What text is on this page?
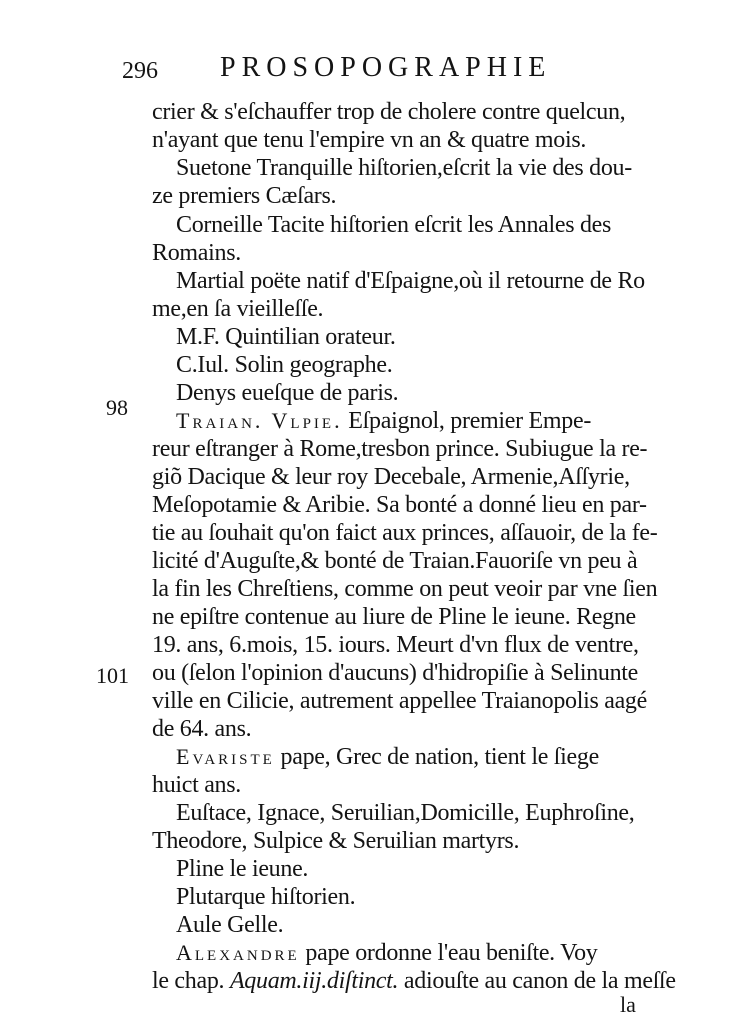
296 PROSOPOGRAPHIE
98
101
crier & s'eſchauffer trop de cholere contre quelcun,
n'ayant que tenu l'empire vn an & quatre mois.
Suetone Tranquille hiſtorien,eſcrit la vie des dou-
ze premiers Cæſars.
Corneille Tacite hiſtorien eſcrit les Annales des
Romains.
Martial poëte natif d'Eſpaigne,où il retourne de Ro
me,en ſa vieilleſſe.
M.F. Quintilian orateur.
C.Iul. Solin geographe.
Denys eueſque de paris.
Traian. Vlpie. Eſpaignol, premier Empe-
reur eſtranger à Rome,tresbon prince. Subiugue la re-
giõ Dacique & leur roy Decebale, Armenie,Aſſyrie,
Meſopotamie & Aribie. Sa bonté a donné lieu en par-
tie au ſouhait qu'on faict aux princes, aſſauoir, de la fe-
licité d'Auguſte,& bonté de Traian.Fauoriſe vn peu à
la fin les Chreſtiens, comme on peut veoir par vne ſien
ne epiſtre contenue au liure de Pline le ieune. Regne
19. ans, 6.mois, 15. iours. Meurt d'vn flux de ventre,
ou (ſelon l'opinion d'aucuns) d'hidropiſie à Selinunte
ville en Cilicie, autrement appellee Traianopolis aagé
de 64. ans.
Evariste pape, Grec de nation, tient le ſiege
huict ans.
Euſtace, Ignace, Seruilian,Domicille, Euphroſine,
Theodore, Sulpice & Seruilian martyrs.
Pline le ieune.
Plutarque hiſtorien.
Aule Gelle.
Alexandre pape ordonne l'eau beniſte. Voy
le chap. Aquam.iij.diſtinct. adiouſte au canon de la meſſe
la
